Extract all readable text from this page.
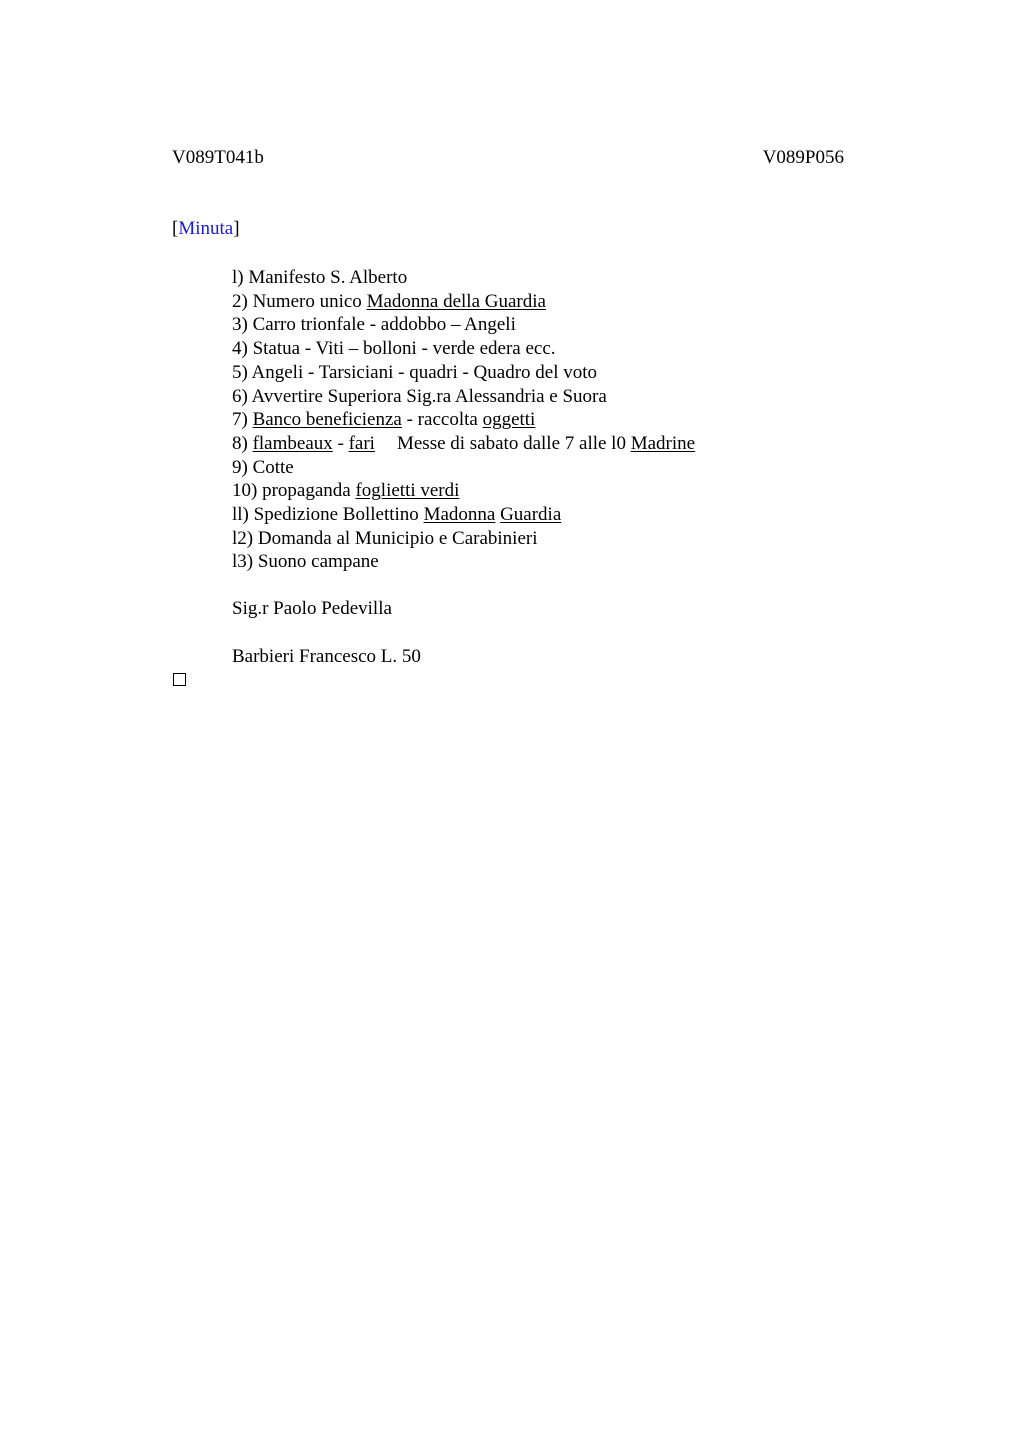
V089T041b	V089P056
[Minuta]
l) Manifesto S. Alberto
2) Numero unico Madonna della Guardia
3) Carro trionfale - addobbo – Angeli
4) Statua - Viti – bolloni - verde edera ecc.
5) Angeli - Tarsiciani - quadri - Quadro del voto
6) Avvertire Superiora Sig.ra Alessandria e Suora
7) Banco beneficienza - raccolta oggetti
8) flambeaux - fari Messe di sabato dalle 7 alle l0 Madrine
9) Cotte
10) propaganda foglietti verdi
ll) Spedizione Bollettino Madonna Guardia
l2) Domanda al Municipio e Carabinieri
l3) Suono campane
Sig.r Paolo Pedevilla
Barbieri Francesco L. 50
